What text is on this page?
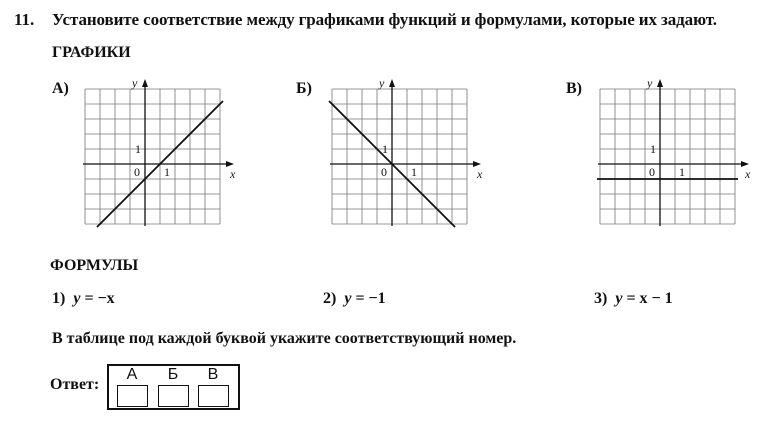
11. Установите соответствие между графиками функций и формулами, которые их задают.
ГРАФИКИ
А)	Б)	В)
y
x
0 1
1
y
x
0 1
1
y
x
0 1
1
ФОРМУЛЫ
1) y = −x	2) y = −1	3) y = x − 1
В таблице под каждой буквой укажите соответствующий номер.
Ответ:
А	Б	В
